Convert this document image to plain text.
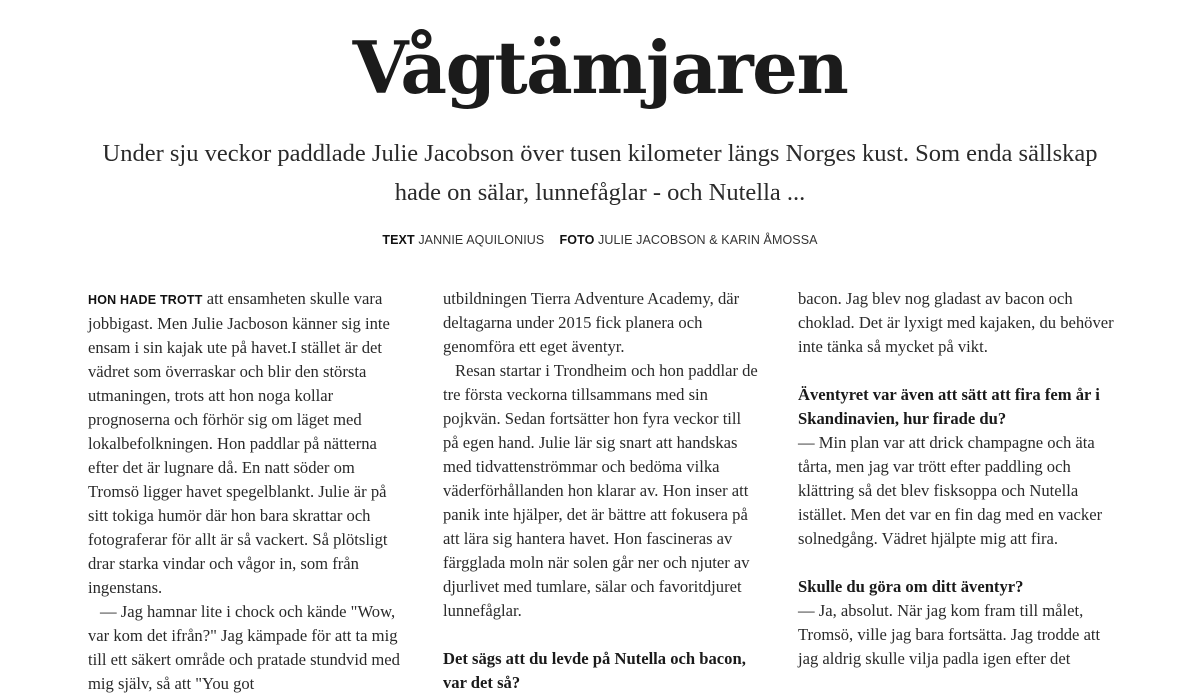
Vågtämjaren

Under sju veckor paddlade Julie Jacobson över tusen kilometer längs Norges kust. Som enda sällskap hade on sälar, lunnefåglar - och Nutella ...

TEXT JANNIE AQUILONIUS FOTO JULIE JACOBSON & KARIN ÅMOSSA

HON HADE TROTT att ensamheten skulle vara jobbigast. Men Julie Jacboson känner sig inte ensam i sin kajak ute på havet.I stället är det vädret som överraskar och blir den största utmaningen, trots att hon noga kollar prognoserna och förhör sig om läget med lokalbefolkningen. Hon paddlar på nätterna efter det är lugnare då. En natt söder om Tromsö ligger havet spegelblankt. Julie är på sitt tokiga humör där hon bara skrattar och fotograferar för allt är så vackert. Så plötsligt drar starka vindar och vågor in, som från ingenstans.

— Jag hamnar lite i chock och kände "Wow, var kom det ifrån?" Jag kämpade för att ta mig till ett säkert område och pratade stundvid med mig själv, så att "You got

utbildningen Tierra Adventure Academy, där deltagarna under 2015 fick planera och genomföra ett eget äventyr.

Resan startar i Trondheim och hon paddlar de tre första veckorna tillsammans med sin pojkvän. Sedan fortsätter hon fyra veckor till på egen hand. Julie lär sig snart att handskas med tidvattenströmmar och bedöma vilka väderförhållanden hon klarar av. Hon inser att panik inte hjälper, det är bättre att fokusera på att lära sig hantera havet. Hon fascineras av färgglada moln när solen går ner och njuter av djurlivet med tumlare, sälar och favoritdjuret lunnefåglar.

Det sägs att du levde på Nutella och bacon, var det så?

bacon. Jag blev nog gladast av bacon och choklad. Det är lyxigt med kajaken, du behöver inte tänka så mycket på vikt.

Äventyret var även att sätt att fira fem år i Skandinavien, hur firade du?

— Min plan var att drick champagne och äta tårta, men jag var trött efter paddling och klättring så det blev fisksoppa och Nutella istället. Men det var en fin dag med en vacker solnedgång. Vädret hjälpte mig att fira.

Skulle du göra om ditt äventyr?

— Ja, absolut. När jag kom fram till målet, Tromsö, ville jag bara fortsätta. Jag trodde att jag aldrig skulle vilja padla igen efter det
